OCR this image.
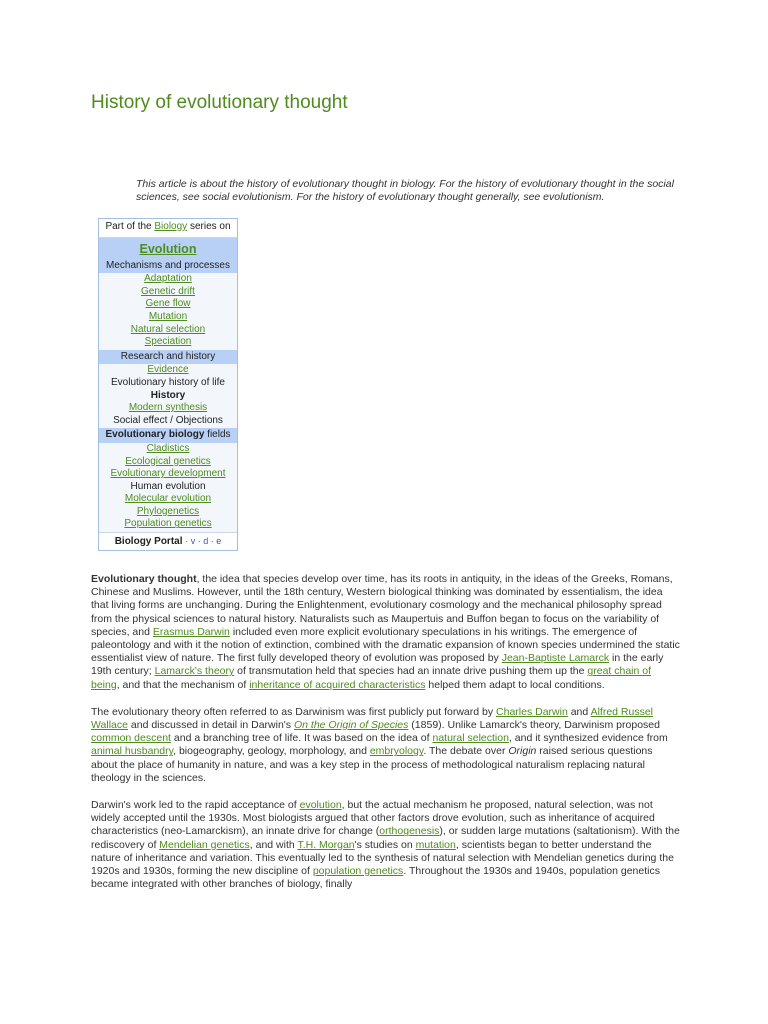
History of evolutionary thought
This article is about the history of evolutionary thought in biology. For the history of evolutionary thought in the social sciences, see social evolutionism. For the history of evolutionary thought generally, see evolutionism.
Part of the Biology series on
Evolution
Mechanisms and processes
Adaptation
Genetic drift
Gene flow
Mutation
Natural selection
Speciation
Research and history
Evidence
Evolutionary history of life
History
Modern synthesis
Social effect / Objections
Evolutionary biology fields
Cladistics
Ecological genetics
Evolutionary development
Human evolution
Molecular evolution
Phylogenetics
Population genetics
Biology Portal · v · d · e

Evolutionary thought, the idea that species develop over time, has its roots in antiquity, in the ideas of the Greeks, Romans, Chinese and Muslims. However, until the 18th century, Western biological thinking was dominated by essentialism, the idea that living forms are unchanging. During the Enlightenment, evolutionary cosmology and the mechanical philosophy spread from the physical sciences to natural history. Naturalists such as Maupertuis and Buffon began to focus on the variability of species, and Erasmus Darwin included even more explicit evolutionary speculations in his writings. The emergence of paleontology and with it the notion of extinction, combined with the dramatic expansion of known species undermined the static essentialist view of nature. The first fully developed theory of evolution was proposed by Jean-Baptiste Lamarck in the early 19th century; Lamarck's theory of transmutation held that species had an innate drive pushing them up the great chain of being, and that the mechanism of inheritance of acquired characteristics helped them adapt to local conditions.

The evolutionary theory often referred to as Darwinism was first publicly put forward by Charles Darwin and Alfred Russel Wallace and discussed in detail in Darwin's On the Origin of Species (1859). Unlike Lamarck's theory, Darwinism proposed common descent and a branching tree of life. It was based on the idea of natural selection, and it synthesized evidence from animal husbandry, biogeography, geology, morphology, and embryology. The debate over Origin raised serious questions about the place of humanity in nature, and was a key step in the process of methodological naturalism replacing natural theology in the sciences.

Darwin's work led to the rapid acceptance of evolution, but the actual mechanism he proposed, natural selection, was not widely accepted until the 1930s. Most biologists argued that other factors drove evolution, such as inheritance of acquired characteristics (neo-Lamarckism), an innate drive for change (orthogenesis), or sudden large mutations (saltationism). With the rediscovery of Mendelian genetics, and with T.H. Morgan's studies on mutation, scientists began to better understand the nature of inheritance and variation. This eventually led to the synthesis of natural selection with Mendelian genetics during the 1920s and 1930s, forming the new discipline of population genetics. Throughout the 1930s and 1940s, population genetics became integrated with other branches of biology, finally
